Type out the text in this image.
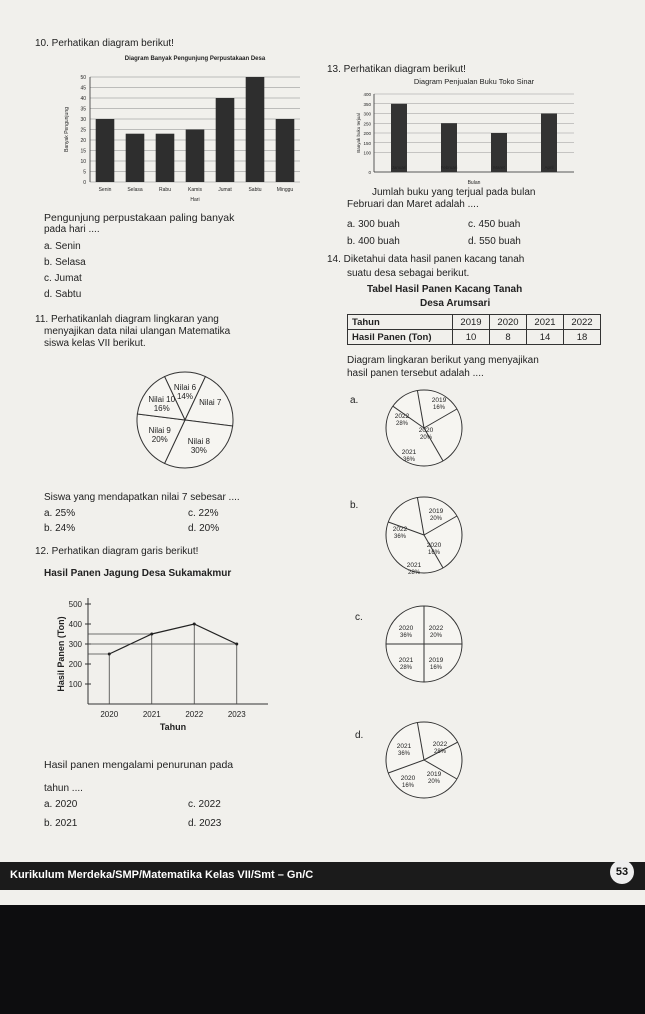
10. Perhatikan diagram berikut!
Diagram Banyak Pengunjung Perpustakaan Desa
0
5
10
15
20
25
30
35
40
45
50
Senin	Selasa	Rabu	Kamis	Jumat	Sabtu	Minggu
Hari
Banyak Pengunjung
Pengunjung perpustakaan paling banyak
pada hari ....
a. Senin
b. Selasa
c. Jumat
d. Sabtu
11. Perhatikanlah diagram lingkaran yang
menyajikan data nilai ulangan Matematika
siswa kelas VII berikut.
Nilai 6
14%
Nilai 7
Nilai 8
30%
Nilai 9
20%
Nilai 10
16%
Siswa yang mendapatkan nilai 7 sebesar ....
a. 25%	c. 22%
b. 24%	d. 20%
12. Perhatikan diagram garis berikut!
Hasil Panen Jagung Desa Sukamakmur
100
200
300
400
500
2020	2021	2022	2023
Tahun
Hasil Panen (Ton)
Hasil panen mengalami penurunan pada
tahun ....
a. 2020	c. 2022
b. 2021	d. 2023
13. Perhatikan diagram berikut!
Diagram Penjualan Buku Toko Sinar
0
100
150
200
250
300
350
400
Januari	Februari	Maret	April
Bulan
Banyak buku terjual
Jumlah buku yang terjual pada bulan
Februari dan Maret adalah ....
a. 300 buah	c. 450 buah
b. 400 buah	d. 550 buah
14. Diketahui data hasil panen kacang tanah
suatu desa sebagai berikut.
Tabel Hasil Panen Kacang Tanah
Desa Arumsari
Tahun	2019	2020	2021	2022
Hasil Panen (Ton)	10	8	14	18
Diagram lingkaran berikut yang menyajikan
hasil panen tersebut adalah ....
a.	2019
16%
2020
20%
2021
36%
2022
28%
b.
2019
20%
2020
16%
2021
28%
2022
36%
c.
2022
20%
2019
16%
2021
28%
2020
36%
d.
2022
28%
2019
20%
2020
16%
2021
36%
Kurikulum Merdeka/SMP/Matematika Kelas VII/Smt – Gn/C	53
